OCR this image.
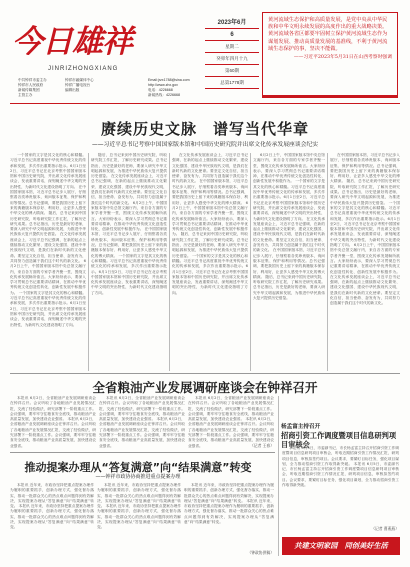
今日雄祥
JINRIZHONGXIANG
中共钟祥市委主办
钟祥市人民政府
新闻传媒集团
主管主办

钟祥市融媒体中心
钟祥广播电视台
编辑出版
Email:jrzx1788@sina.com
http://www.zhx.gov
电话：4226668
新闻热线：4226668
2023年6月
6
星期二
癸卯年四月十九
第60期
总第1778期
黄河流域生态保护和高质量发展，是党中央从中华民族和中华文明永续发展的高度作出的重大战略决策。黄河流域各省区都要牢固树立保护黄河流域生态作为谋划发展、推动高质量发展的基准线，不利于黄河流域生态保护的事，坚决不能做。
——习近平2023年5月31日在山西考察时强调
赓续历史文脉　谱写当代华章
——习近平总书记考察中国国家版本馆和中国历史研究院并出席文化传承发展座谈会纪实
一个国家的文字是其文化的核心和精髓。习近平总书记高度重视中华优秀传统文化的传承和发展，多次作出重要指示批示。6月1日至2日，习近平总书记在北京考察中国国家版本馆和中国历史研究院，并出席文化传承发展座谈会，发表重要讲话，深刻阐述中华文明的突出特性，为新时代文化建设指明了方向。 在中国国家版本馆，习近平总书记步入展厅，仔细察看各类珍贵版本，询问版本征集、保护和利用等情况。总书记强调，要把我国历史上留下来的典籍版本保存好、利用好，让更多人感受中华文化的博大精深。 随后，总书记来到中国历史研究院，听取研究院工作汇报，了解历史研究成果。总书记指出，历史是最好的老师，要深入研究中华文明起源和发展，为推进中华民族伟大复兴提供历史借鉴。 在文化传承发展座谈会上，习近平总书记强调，在新的起点上继续推动文化繁荣、建设文化强国、建设中华民族现代文明，是我们在新时代新的文化使命。要坚定文化自信，担当使命、奋发有为，共同努力创造属于我们这个时代的新文化。 6月2日上午，中国国家版本馆中央总馆文瀚厅内，来自各方面的专家学者齐聚一堂，围绕文化传承发展畅所欲言。大家纷纷表示，要深入学习贯彻总书记重要讲话精神，在推动中华优秀传统文化创造性转化、创新性发展中积极作为。 一个国家的文字是其文化的核心和精髓。习近平总书记高度重视中华优秀传统文化的传承和发展，多次作出重要指示批示。6月1日至2日，习近平总书记在北京考察中国国家版本馆和中国历史研究院，并出席文化传承发展座谈会，发表重要讲话，深刻阐述中华文明的突出特性，为新时代文化建设指明了方向。
随后，总书记来到中国历史研究院，听取研究院工作汇报，了解历史研究成果。总书记指出，历史是最好的老师，要深入研究中华文明起源和发展，为推进中华民族伟大复兴提供历史借鉴。 在文化传承发展座谈会上，习近平总书记强调，在新的起点上继续推动文化繁荣、建设文化强国、建设中华民族现代文明，是我们在新时代新的文化使命。要坚定文化自信，担当使命、奋发有为，共同努力创造属于我们这个时代的新文化。 6月2日上午，中国国家版本馆中央总馆文瀚厅内，来自各方面的专家学者齐聚一堂，围绕文化传承发展畅所欲言。大家纷纷表示，要深入学习贯彻总书记重要讲话精神，在推动中华优秀传统文化创造性转化、创新性发展中积极作为。 在中国国家版本馆，习近平总书记步入展厅，仔细察看各类珍贵版本，询问版本征集、保护和利用等情况。总书记强调，要把我国历史上留下来的典籍版本保存好、利用好，让更多人感受中华文化的博大精深。 一个国家的文字是其文化的核心和精髓。习近平总书记高度重视中华优秀传统文化的传承和发展，多次作出重要指示批示。6月1日至2日，习近平总书记在北京考察中国国家版本馆和中国历史研究院，并出席文化传承发展座谈会，发表重要讲话，深刻阐述中华文明的突出特性，为新时代文化建设指明了方向。
在文化传承发展座谈会上，习近平总书记强调，在新的起点上继续推动文化繁荣、建设文化强国、建设中华民族现代文明，是我们在新时代新的文化使命。要坚定文化自信，担当使命、奋发有为，共同努力创造属于我们这个时代的新文化。 在中国国家版本馆，习近平总书记步入展厅，仔细察看各类珍贵版本，询问版本征集、保护和利用等情况。总书记强调，要把我国历史上留下来的典籍版本保存好、利用好，让更多人感受中华文化的博大精深。 6月2日上午，中国国家版本馆中央总馆文瀚厅内，来自各方面的专家学者齐聚一堂，围绕文化传承发展畅所欲言。大家纷纷表示，要深入学习贯彻总书记重要讲话精神，在推动中华优秀传统文化创造性转化、创新性发展中积极作为。 随后，总书记来到中国历史研究院，听取研究院工作汇报，了解历史研究成果。总书记指出，历史是最好的老师，要深入研究中华文明起源和发展，为推进中华民族伟大复兴提供历史借鉴。 一个国家的文字是其文化的核心和精髓。习近平总书记高度重视中华优秀传统文化的传承和发展，多次作出重要指示批示。6月1日至2日，习近平总书记在北京考察中国国家版本馆和中国历史研究院，并出席文化传承发展座谈会，发表重要讲话，深刻阐述中华文明的突出特性，为新时代文化建设指明了方向。
6月2日上午，中国国家版本馆中央总馆文瀚厅内，来自各方面的专家学者齐聚一堂，围绕文化传承发展畅所欲言。大家纷纷表示，要深入学习贯彻总书记重要讲话精神，在推动中华优秀传统文化创造性转化、创新性发展中积极作为。 一个国家的文字是其文化的核心和精髓。习近平总书记高度重视中华优秀传统文化的传承和发展，多次作出重要指示批示。6月1日至2日，习近平总书记在北京考察中国国家版本馆和中国历史研究院，并出席文化传承发展座谈会，发表重要讲话，深刻阐述中华文明的突出特性，为新时代文化建设指明了方向。 在文化传承发展座谈会上，习近平总书记强调，在新的起点上继续推动文化繁荣、建设文化强国、建设中华民族现代文明，是我们在新时代新的文化使命。要坚定文化自信，担当使命、奋发有为，共同努力创造属于我们这个时代的新文化。 在中国国家版本馆，习近平总书记步入展厅，仔细察看各类珍贵版本，询问版本征集、保护和利用等情况。总书记强调，要把我国历史上留下来的典籍版本保存好、利用好，让更多人感受中华文化的博大精深。 随后，总书记来到中国历史研究院，听取研究院工作汇报，了解历史研究成果。总书记指出，历史是最好的老师，要深入研究中华文明起源和发展，为推进中华民族伟大复兴提供历史借鉴。
在中国国家版本馆，习近平总书记步入展厅，仔细察看各类珍贵版本，询问版本征集、保护和利用等情况。总书记强调，要把我国历史上留下来的典籍版本保存好、利用好，让更多人感受中华文化的博大精深。 随后，总书记来到中国历史研究院，听取研究院工作汇报，了解历史研究成果。总书记指出，历史是最好的老师，要深入研究中华文明起源和发展，为推进中华民族伟大复兴提供历史借鉴。 一个国家的文字是其文化的核心和精髓。习近平总书记高度重视中华优秀传统文化的传承和发展，多次作出重要指示批示。6月1日至2日，习近平总书记在北京考察中国国家版本馆和中国历史研究院，并出席文化传承发展座谈会，发表重要讲话，深刻阐述中华文明的突出特性，为新时代文化建设指明了方向。 6月2日上午，中国国家版本馆中央总馆文瀚厅内，来自各方面的专家学者齐聚一堂，围绕文化传承发展畅所欲言。大家纷纷表示，要深入学习贯彻总书记重要讲话精神，在推动中华优秀传统文化创造性转化、创新性发展中积极作为。 在文化传承发展座谈会上，习近平总书记强调，在新的起点上继续推动文化繁荣、建设文化强国、建设中华民族现代文明，是我们在新时代新的文化使命。要坚定文化自信，担当使命、奋发有为，共同努力创造属于我们这个时代的新文化。
全省粮油产业发展调研座谈会在钟祥召开
本报讯 6月2日，全省粮油产业发展调研座谈会在钟祥召开。会议听取了各地粮油产业发展情况汇报，交流了经验做法，研究部署下一阶段重点工作。会议强调，要牢牢守住粮食安全底线，推动粮油产业高质量发展，加快建设农业强省。 本报讯 6月2日，全省粮油产业发展调研座谈会在钟祥召开。会议听取了各地粮油产业发展情况汇报，交流了经验做法，研究部署下一阶段重点工作。会议强调，要牢牢守住粮食安全底线，推动粮油产业高质量发展，加快建设农业强省。
本报讯 6月2日，全省粮油产业发展调研座谈会在钟祥召开。会议听取了各地粮油产业发展情况汇报，交流了经验做法，研究部署下一阶段重点工作。会议强调，要牢牢守住粮食安全底线，推动粮油产业高质量发展，加快建设农业强省。 本报讯 6月2日，全省粮油产业发展调研座谈会在钟祥召开。会议听取了各地粮油产业发展情况汇报，交流了经验做法，研究部署下一阶段重点工作。会议强调，要牢牢守住粮食安全底线，推动粮油产业高质量发展，加快建设农业强省。
本报讯 6月2日，全省粮油产业发展调研座谈会在钟祥召开。会议听取了各地粮油产业发展情况汇报，交流了经验做法，研究部署下一阶段重点工作。会议强调，要牢牢守住粮食安全底线，推动粮油产业高质量发展，加快建设农业强省。 本报讯 6月2日，全省粮油产业发展调研座谈会在钟祥召开。会议听取了各地粮油产业发展情况汇报，交流了经验做法，研究部署下一阶段重点工作。会议强调，要牢牢守住粮食安全底线，推动粮油产业高质量发展，加快建设农业强省。	（记者 王春）
杨孟富主持召开
招商引资工作调度暨项目信息研判项目审核会
本报讯 6月5日，市委副书记、市长杨孟富主持召开招商引资工作调度暨项目信息研判项目审核会，听取近期招商引资工作情况汇报，研判项目信息，审核拟签约项目。会议要求，要紧盯目标任务，强化项目谋划，全力推动招商引资工作取得新突破。 本报讯 6月5日，市委副书记、市长杨孟富主持召开招商引资工作调度暨项目信息研判项目审核会，听取近期招商引资工作情况汇报，研判项目信息，审核拟签约项目。会议要求，要紧盯目标任务，强化项目谋划，全力推动招商引资工作取得新突破。
（记者 曹燕燕）
推动提案办理从“答复满意”向“结果满意”转变
——钟祥市政协协商推进重点提案办理
本报讯 近年来，市政协坚持把重点提案办理作为履职的重要抓手，创新办理方式，强化督办落实，推动一批群众关心的热点难点问题得到有效解决，实现提案办理从“答复满意”向“结果满意”转变。 本报讯 近年来，市政协坚持把重点提案办理作为履职的重要抓手，创新办理方式，强化督办落实，推动一批群众关心的热点难点问题得到有效解决，实现提案办理从“答复满意”向“结果满意”转变。
本报讯 近年来，市政协坚持把重点提案办理作为履职的重要抓手，创新办理方式，强化督办落实，推动一批群众关心的热点难点问题得到有效解决，实现提案办理从“答复满意”向“结果满意”转变。 本报讯 近年来，市政协坚持把重点提案办理作为履职的重要抓手，创新办理方式，强化督办落实，推动一批群众关心的热点难点问题得到有效解决，实现提案办理从“答复满意”向“结果满意”转变。
本报讯 近年来，市政协坚持把重点提案办理作为履职的重要抓手，创新办理方式，强化督办落实，推动一批群众关心的热点难点问题得到有效解决，实现提案办理从“答复满意”向“结果满意”转变。 本报讯 近年来，市政协坚持把重点提案办理作为履职的重要抓手，创新办理方式，强化督办落实，推动一批群众关心的热点难点问题得到有效解决，实现提案办理从“答复满意”向“结果满意”转变。
（钟政协供稿）
共建文明家园　同创美好生活
